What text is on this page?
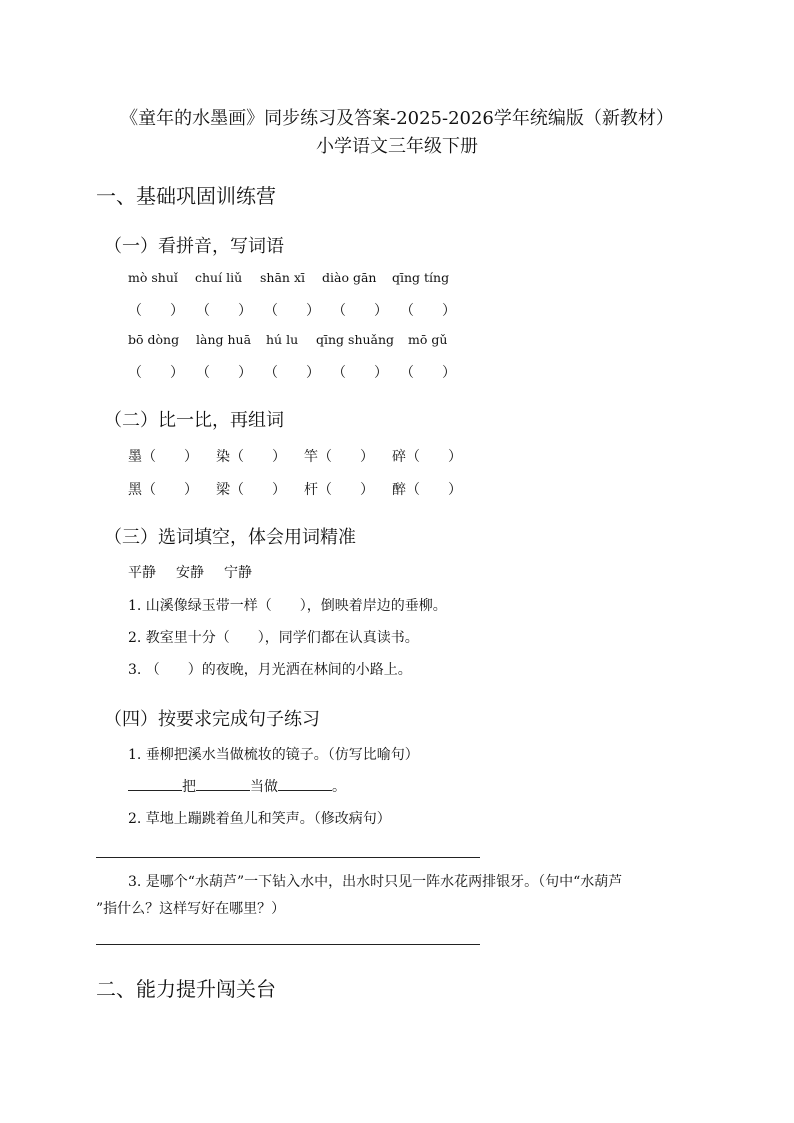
《童年的水墨画》同步练习及答案-2025-2026学年统编版（新教材）
小学语文三年级下册
一、基础巩固训练营
（一）看拼音，写词语
mò shuǐ chuí liǔ shān xī diào gān qīng tíng
（　　） （　　） （　　） （　　） （　　）
bō dòng làng huā hú lu qīng shuǎng mō gǔ
（　　） （　　） （　　） （　　） （　　）
（二）比一比，再组词
墨（　　） 染（　　） 竿（　　） 碎（　　）
黑（　　） 梁（　　） 杆（　　） 醉（　　）
（三）选词填空，体会用词精准
平静 安静 宁静
1. 山溪像绿玉带一样（　　），倒映着岸边的垂柳。
2. 教室里十分（　　），同学们都在认真读书。
3. （　　）的夜晚，月光洒在林间的小路上。
（四）按要求完成句子练习
1. 垂柳把溪水当做梳妆的镜子。（仿写比喻句）
把	当做	。
2. 草地上蹦跳着鱼儿和笑声。（修改病句）
3. 是哪个“水葫芦”一下钻入水中，出水时只见一阵水花两排银牙。（句中“水葫芦
”指什么？这样写好在哪里？）
二、能力提升闯关台
